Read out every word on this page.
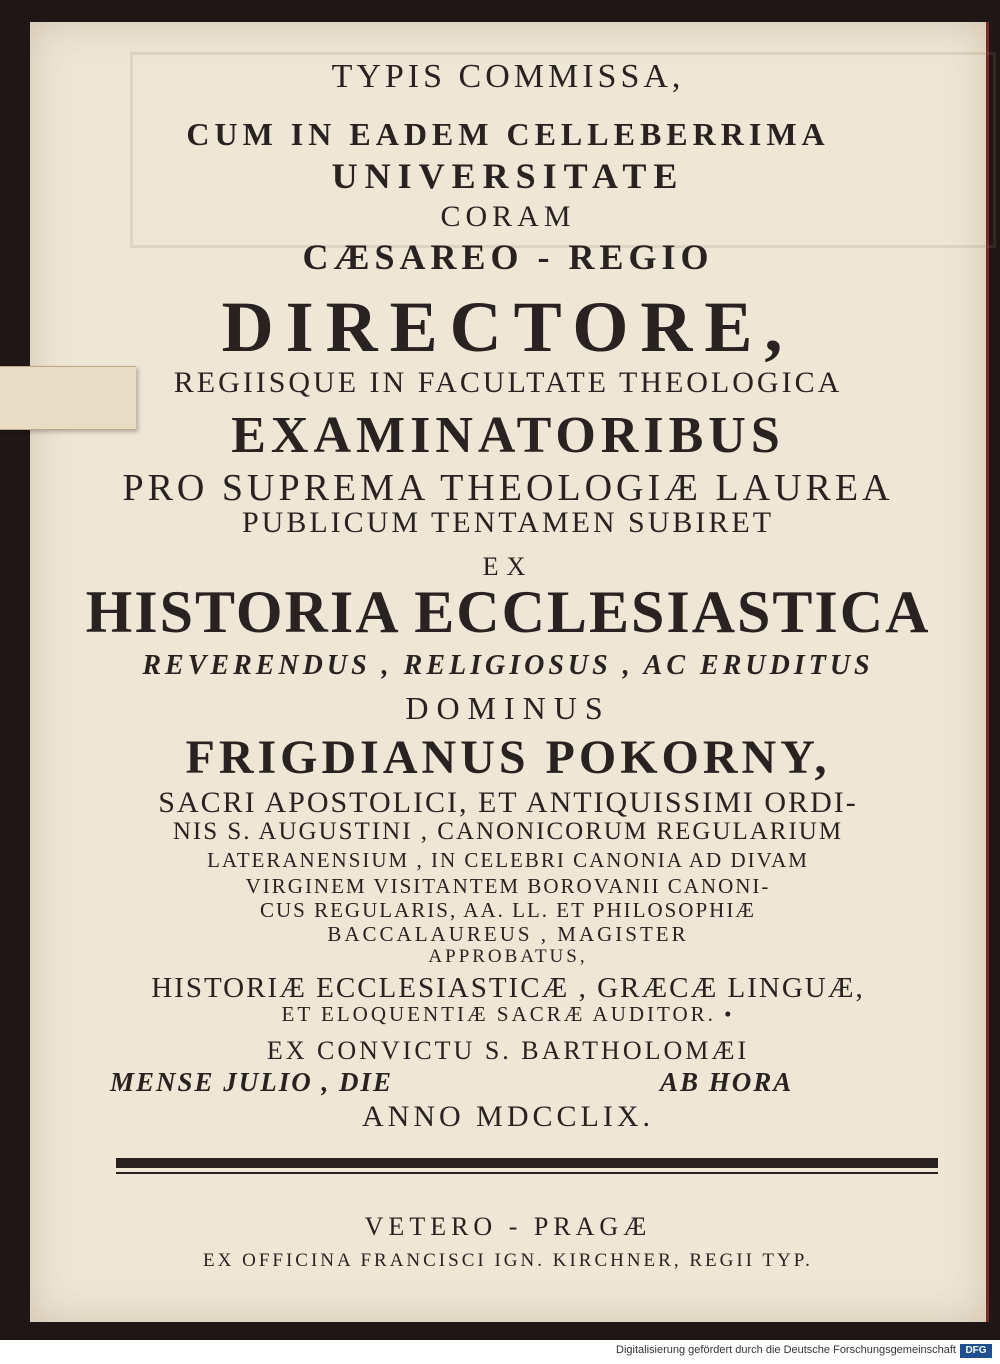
TYPIS COMMISSA,

CUM IN EADEM CELLEBERRIMA

UNIVERSITATE

CORAM

CÆSAREO - REGIO

DIRECTORE,

REGIISQUE IN FACULTATE THEOLOGICA

EXAMINATORIBUS

PRO SUPREMA THEOLOGIÆ LAUREA

PUBLICUM TENTAMEN SUBIRET

EX

HISTORIA ECCLESIASTICA

REVERENDUS , RELIGIOSUS , AC ERUDITUS

DOMINUS

FRIGDIANUS POKORNY,

SACRI APOSTOLICI, ET ANTIQUISSIMI ORDI-

NIS S. AUGUSTINI , CANONICORUM REGULARIUM

LATERANENSIUM , IN CELEBRI CANONIA AD DIVAM

VIRGINEM VISITANTEM BOROVANII CANONI-

CUS REGULARIS, AA. LL. ET PHILOSOPHIÆ

BACCALAUREUS , MAGISTER

APPROBATUS,

HISTORIÆ ECCLESIASTICÆ , GRÆCÆ LINGUÆ,

ET ELOQUENTIÆ SACRÆ AUDITOR. •

EX CONVICTU S. BARTHOLOMÆI

MENSE JULIO , DIE	AB HORA

ANNO MDCCLIX.

VETERO - PRAGÆ

EX OFFICINA FRANCISCI IGN. KIRCHNER, REGII TYP.

Digitalisierung gefördert durch die Deutsche Forschungsgemeinschaft DFG
